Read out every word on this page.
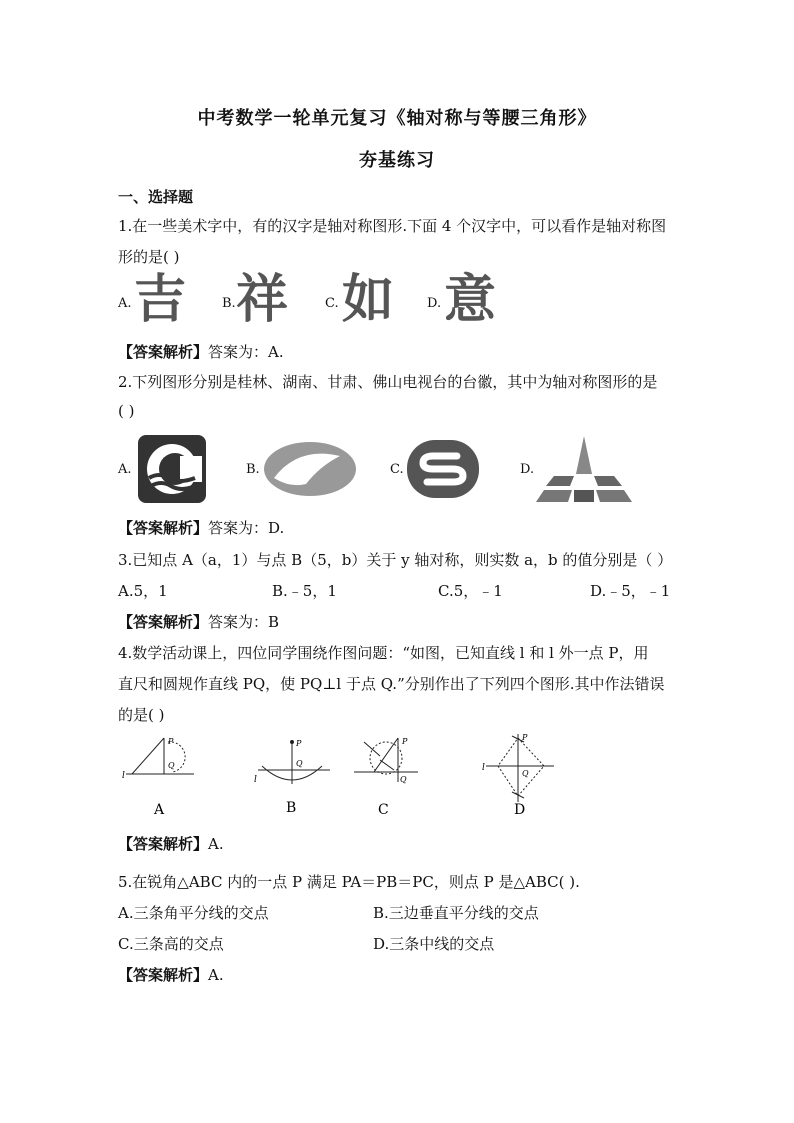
中考数学一轮单元复习《轴对称与等腰三角形》
夯基练习
一、选择题
1.在一些美术字中，有的汉字是轴对称图形.下面 4 个汉字中，可以看作是轴对称图
形的是( )
A. 吉	B. 祥	C. 如	D. 意
【答案解析】答案为：A.
2.下列图形分别是桂林、湖南、甘肃、佛山电视台的台徽，其中为轴对称图形的是
( )
A.	B.	C.	D.
【答案解析】答案为：D.
3.已知点 A（a，1）与点 B（5，b）关于 y 轴对称，则实数 a，b 的值分别是（ ）
A.5，1	B.﹣5，1	C.5，﹣1	D.﹣5，﹣1
【答案解析】答案为：B
4.数学活动课上，四位同学围绕作图问题：“如图，已知直线 l 和 l 外一点 P，用
直尺和圆规作直线 PQ，使 PQ⊥l 于点 Q.”分别作出了下列四个图形.其中作法错误
的是( )
l
P
Q
A
l
P
Q
B
P
Q
C
l
P
Q
D
【答案解析】A.
5.在锐角△ABC 内的一点 P 满足 PA＝PB＝PC，则点 P 是△ABC( ).
A.三条角平分线的交点	B.三边垂直平分线的交点
C.三条高的交点	D.三条中线的交点
【答案解析】A.
